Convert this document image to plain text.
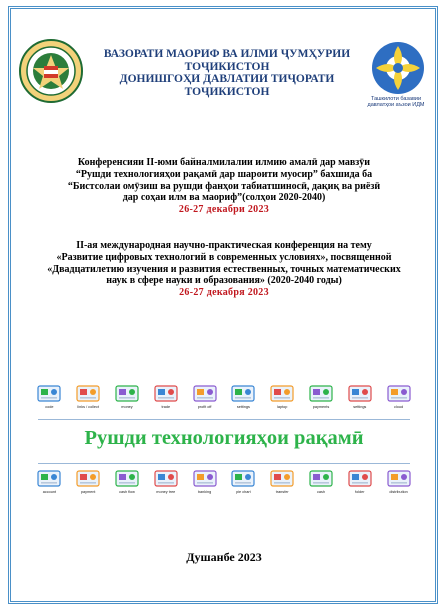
ВАЗОРАТИ МАОРИФ ВА ИЛМИ ҶУМҲУРИИ
ТОҶИКИСТОН
ДОНИШГОҲИ ДАВЛАТИИ ТИҶОРАТИ
ТОҶИКИСТОН
Ташкилоти базавии
давлатҳои аъзои ИДМ
Конференсияи II-юми байналмилалии илмию амалӣ дар мавзӯи
“Рушди технологияҳои рақамӣ дар шароити муосир” бахшида ба
“Бистсолаи омӯзиш ва рушди фанҳои табиатшиносӣ, дақиқ ва риёзӣ
дар соҳаи илм ва маориф”(солҳои 2020-2040)
26-27 декабри 2023
II-ая международная научно-практическая конференция на тему
«Развитие цифровых технологий в современных условиях», посвященной
«Двадцатилетию изучения и развития естественных, точных математических
наук в сфере науки и образования» (2020-2040 годы)
26-27 декабря 2023
code	links / collect	money	trade	profit off	settings	laptop	payments	settings	cloud
Рушди технологияҳои рақамӣ
account	payment	cash flow	money tree	banking	pie chart	transfer	cash	folder	distribution
Душанбе 2023
